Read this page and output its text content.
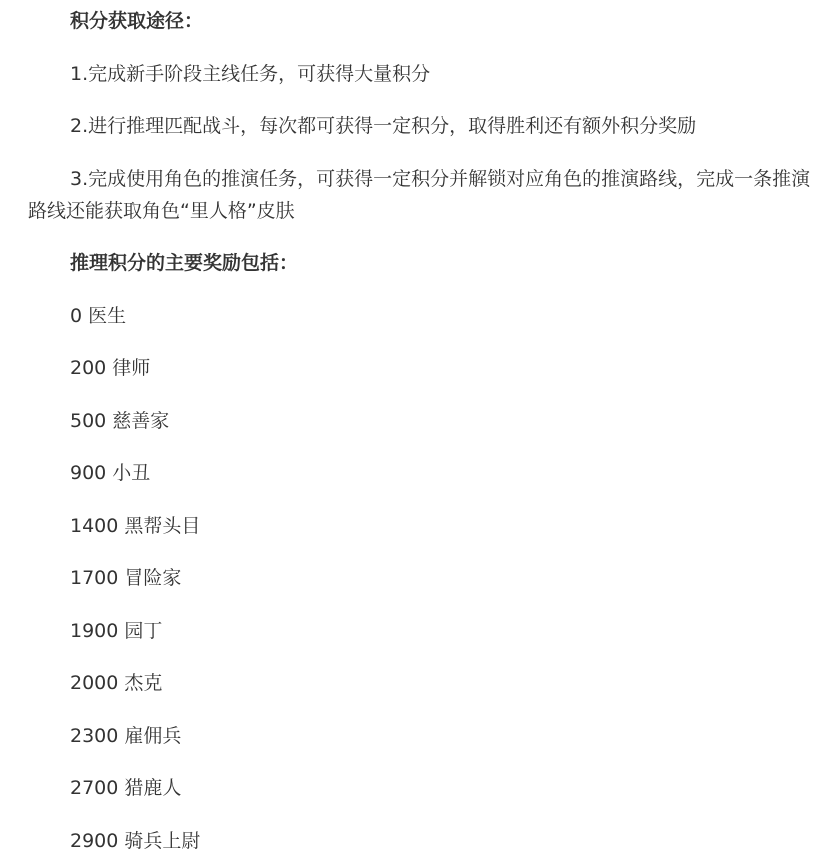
积分获取途径：

1.完成新手阶段主线任务，可获得大量积分

2.进行推理匹配战斗，每次都可获得一定积分，取得胜利还有额外积分奖励

3.完成使用角色的推演任务，可获得一定积分并解锁对应角色的推演路线，完成一条推演路线还能获取角色“里人格”皮肤

推理积分的主要奖励包括：

0 医生

200 律师

500 慈善家

900 小丑

1400 黑帮头目

1700 冒险家

1900 园丁

2000 杰克

2300 雇佣兵

2700 猎鹿人

2900 骑兵上尉
